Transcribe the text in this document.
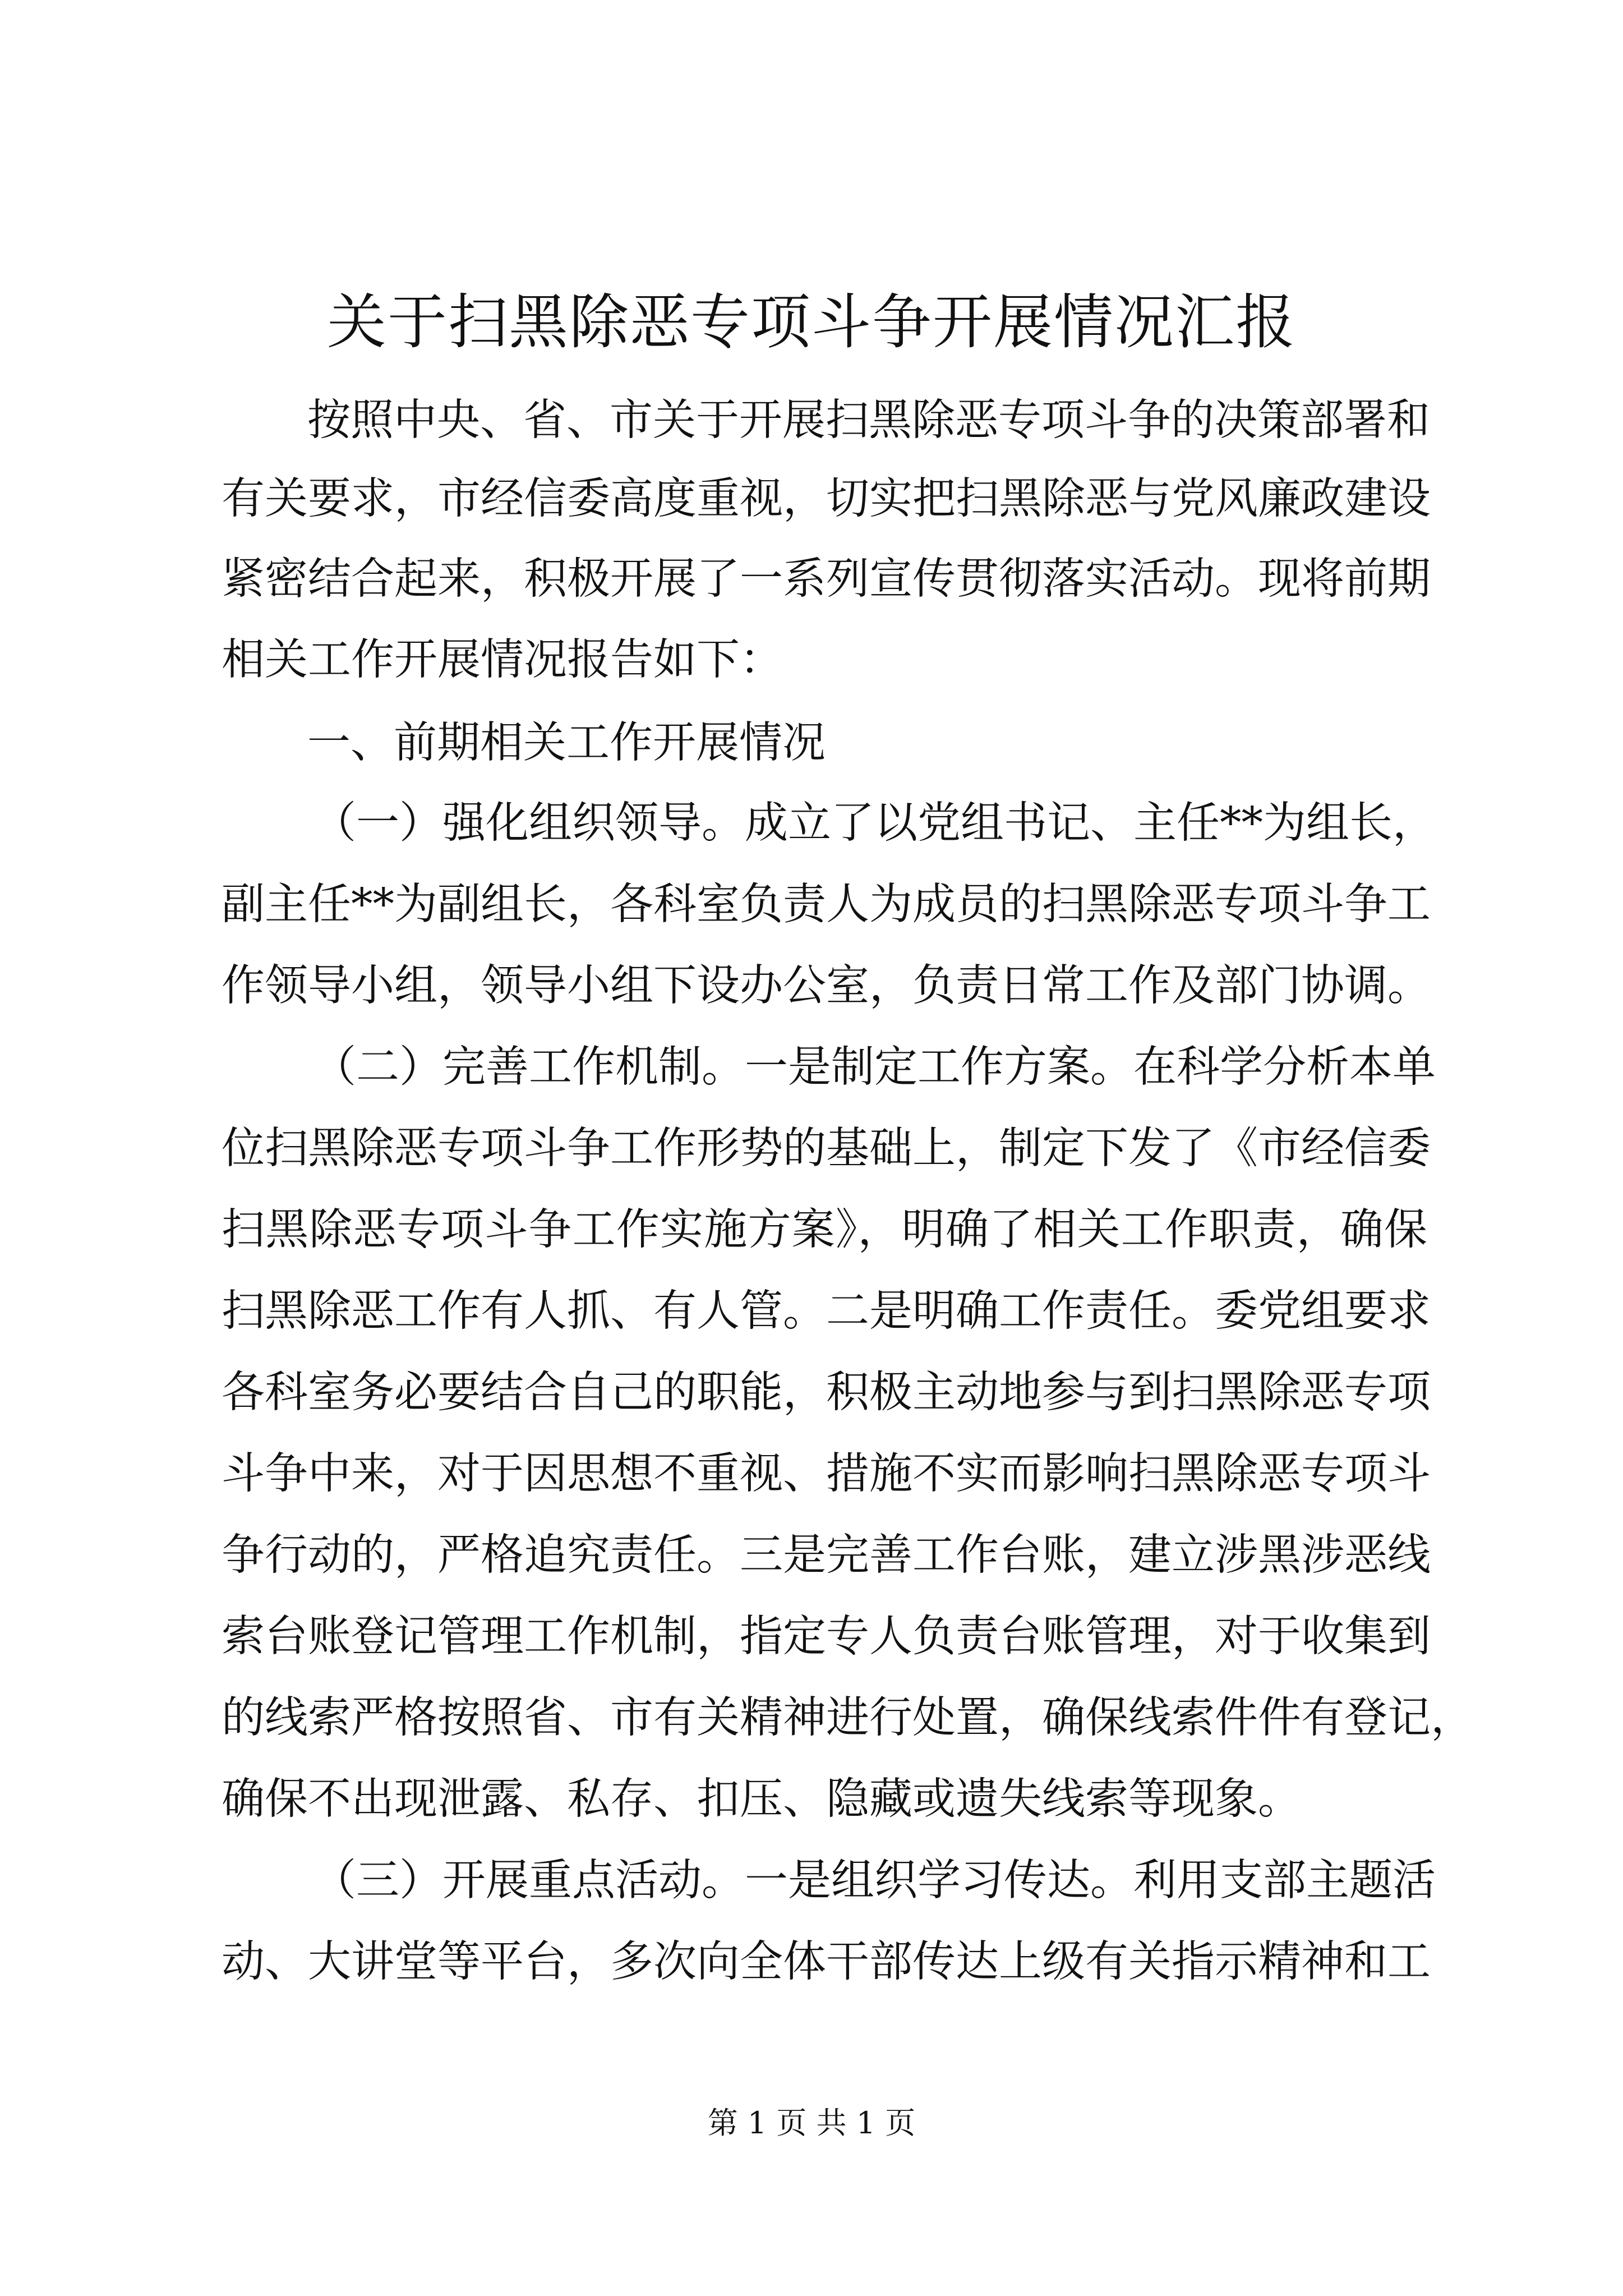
关于扫黑除恶专项斗争开展情况汇报
按照中央、省、市关于开展扫黑除恶专项斗争的决策部署和
有关要求，市经信委高度重视，切实把扫黑除恶与党风廉政建设
紧密结合起来，积极开展了一系列宣传贯彻落实活动。现将前期
相关工作开展情况报告如下：
一、前期相关工作开展情况
（一）强化组织领导。成立了以党组书记、主任**为组长，
副主任**为副组长，各科室负责人为成员的扫黑除恶专项斗争工
作领导小组，领导小组下设办公室，负责日常工作及部门协调。
（二）完善工作机制。一是制定工作方案。在科学分析本单
位扫黑除恶专项斗争工作形势的基础上，制定下发了《市经信委
扫黑除恶专项斗争工作实施方案》，明确了相关工作职责，确保
扫黑除恶工作有人抓、有人管。二是明确工作责任。委党组要求
各科室务必要结合自己的职能，积极主动地参与到扫黑除恶专项
斗争中来，对于因思想不重视、措施不实而影响扫黑除恶专项斗
争行动的，严格追究责任。三是完善工作台账，建立涉黑涉恶线
索台账登记管理工作机制，指定专人负责台账管理，对于收集到
的线索严格按照省、市有关精神进行处置，确保线索件件有登记，
确保不出现泄露、私存、扣压、隐藏或遗失线索等现象。
（三）开展重点活动。一是组织学习传达。利用支部主题活
动、大讲堂等平台，多次向全体干部传达上级有关指示精神和工
第 1 页 共 1 页
